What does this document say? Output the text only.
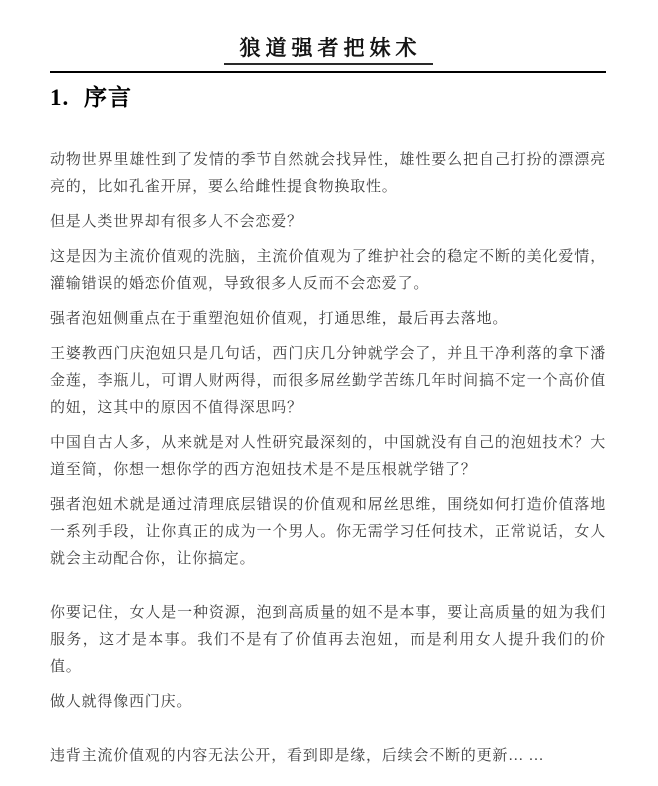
狼道强者把妹术
1. 序言

动物世界里雄性到了发情的季节自然就会找异性，雄性要么把自己打扮的漂漂亮亮的，比如孔雀开屏，要么给雌性提食物换取性。

但是人类世界却有很多人不会恋爱？

这是因为主流价值观的洗脑，主流价值观为了维护社会的稳定不断的美化爱情，灌输错误的婚恋价值观，导致很多人反而不会恋爱了。

强者泡妞侧重点在于重塑泡妞价值观，打通思维，最后再去落地。

王婆教西门庆泡妞只是几句话，西门庆几分钟就学会了，并且干净利落的拿下潘金莲，李瓶儿，可谓人财两得，而很多屌丝勤学苦练几年时间搞不定一个高价值的妞，这其中的原因不值得深思吗？

中国自古人多，从来就是对人性研究最深刻的，中国就没有自己的泡妞技术？大道至简，你想一想你学的西方泡妞技术是不是压根就学错了？

强者泡妞术就是通过清理底层错误的价值观和屌丝思维，围绕如何打造价值落地一系列手段，让你真正的成为一个男人。你无需学习任何技术，正常说话，女人就会主动配合你，让你搞定。

你要记住，女人是一种资源，泡到高质量的妞不是本事，要让高质量的妞为我们服务，这才是本事。我们不是有了价值再去泡妞，而是利用女人提升我们的价值。

做人就得像西门庆。

违背主流价值观的内容无法公开，看到即是缘，后续会不断的更新… …
